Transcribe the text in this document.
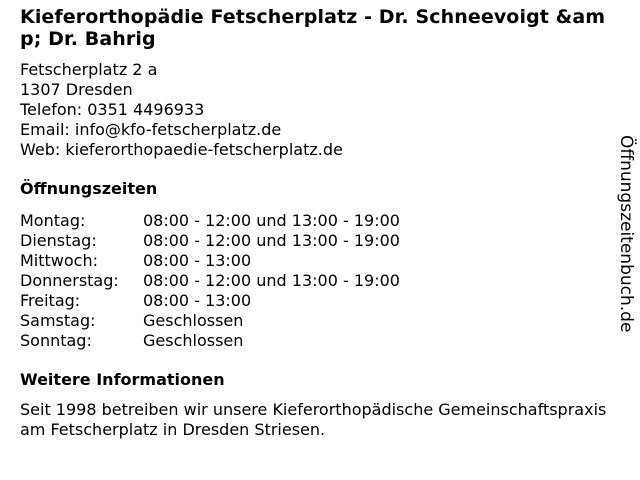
Kieferorthopädie Fetscherplatz - Dr. Schneevoigt &amp; Dr. Bahrig
Fetscherplatz 2 a
1307 Dresden
Telefon: 0351 4496933
Email: info@kfo-fetscherplatz.de
Web: kieferorthopaedie-fetscherplatz.de
Öffnungszeiten
Montag:	08:00 - 12:00 und 13:00 - 19:00
Dienstag:	08:00 - 12:00 und 13:00 - 19:00
Mittwoch:	08:00 - 13:00
Donnerstag:	08:00 - 12:00 und 13:00 - 19:00
Freitag:	08:00 - 13:00
Samstag:	Geschlossen
Sonntag:	Geschlossen
Weitere Informationen
Seit 1998 betreiben wir unsere Kieferorthopädische Gemeinschaftspraxis am Fetscherplatz in Dresden Striesen.
Öffnungszeitenbuch.de
